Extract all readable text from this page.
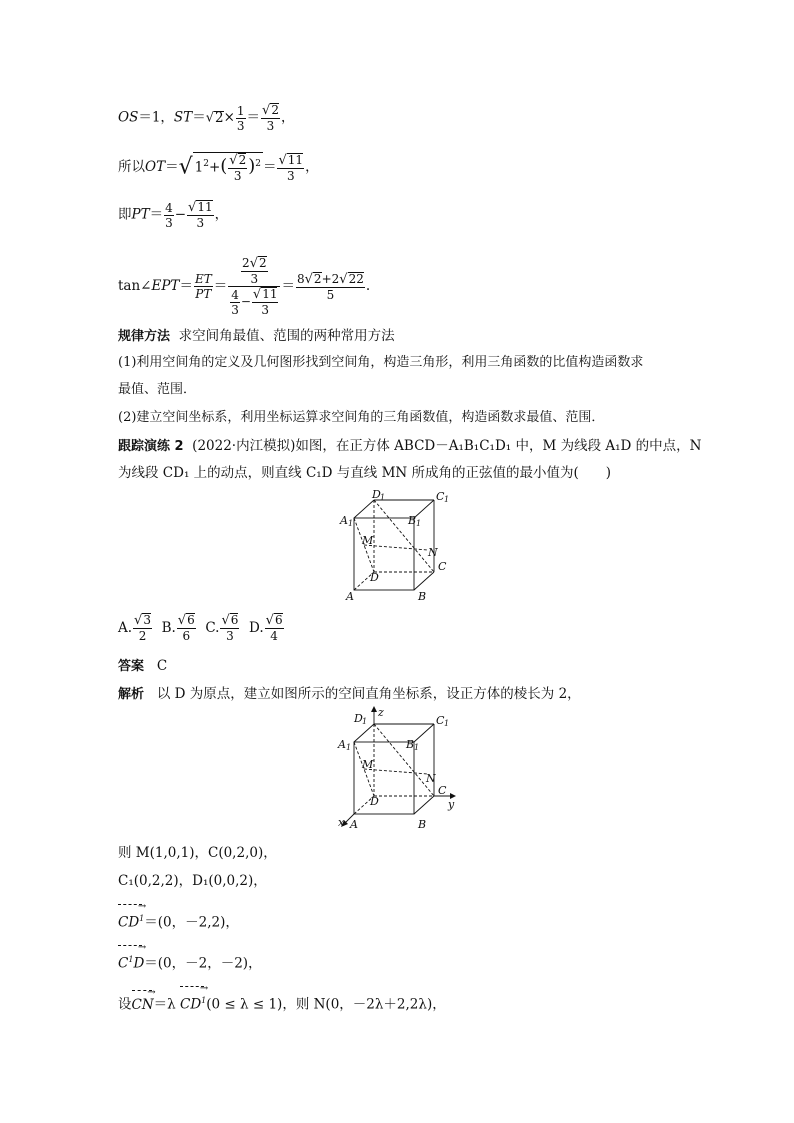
OS＝1，$ST=√2\times \frac{1}{3} = \frac{√2}{3}$ ，
所以OT＝√ $1^2+( \frac{√2}{3} )^2 = \frac{√11}{3}$ ，
即$PT= \frac{4}{3} - \frac{√11}{3}$ ，
tan∠EPT＝ $\frac{ET}{PT} = \frac{\frac{2√2}{3}}{\frac{4}{3} - \frac{√11}{3}} = \frac{8√2+2√22}{5}$ .
规律方法 求空间角最值、范围的两种常用方法
(1)利用空间角的定义及几何图形找到空间角，构造三角形，利用三角函数的比值构造函数求
最值、范围．
(2)建立空间坐标系，利用坐标运算求空间角的三角函数值，构造函数求最值、范围．
跟踪演练 2 (2022·内江模拟)如图，在正方体 ABCD－A₁B₁C₁D₁ 中，M 为线段 A₁D 的中点，N
为线段 CD₁ 上的动点，则直线 C₁D 与直线 MN 所成角的正弦值的最小值为(　　)
D 1	C 1
A 1	B 1
M
N
C
D
A	B
A. $\frac{√3}{2} B$. $\frac{√6}{6} C$. $\frac{√6}{3} D$. $\frac{√6}{4}$
答案 C
解析 以 D 为原点，建立如图所示的空间直角坐标系，设正方体的棱长为 2，
z
y
x
D 1	C 1
A 1	B 1
M
N
C
D
A	B
则 M(1,0,1)，C(0,2,0)，
C₁(0,2,2)，D₁(0,0,2)，
→ $CD^1=(0$，－2,2)，
→ $C^1D=(0$，－2，－2)，
设→ $CN=\lambda \to CD^1(0 \le \lambda \le 1)$，则 N(0，－2λ＋2,2λ)，
